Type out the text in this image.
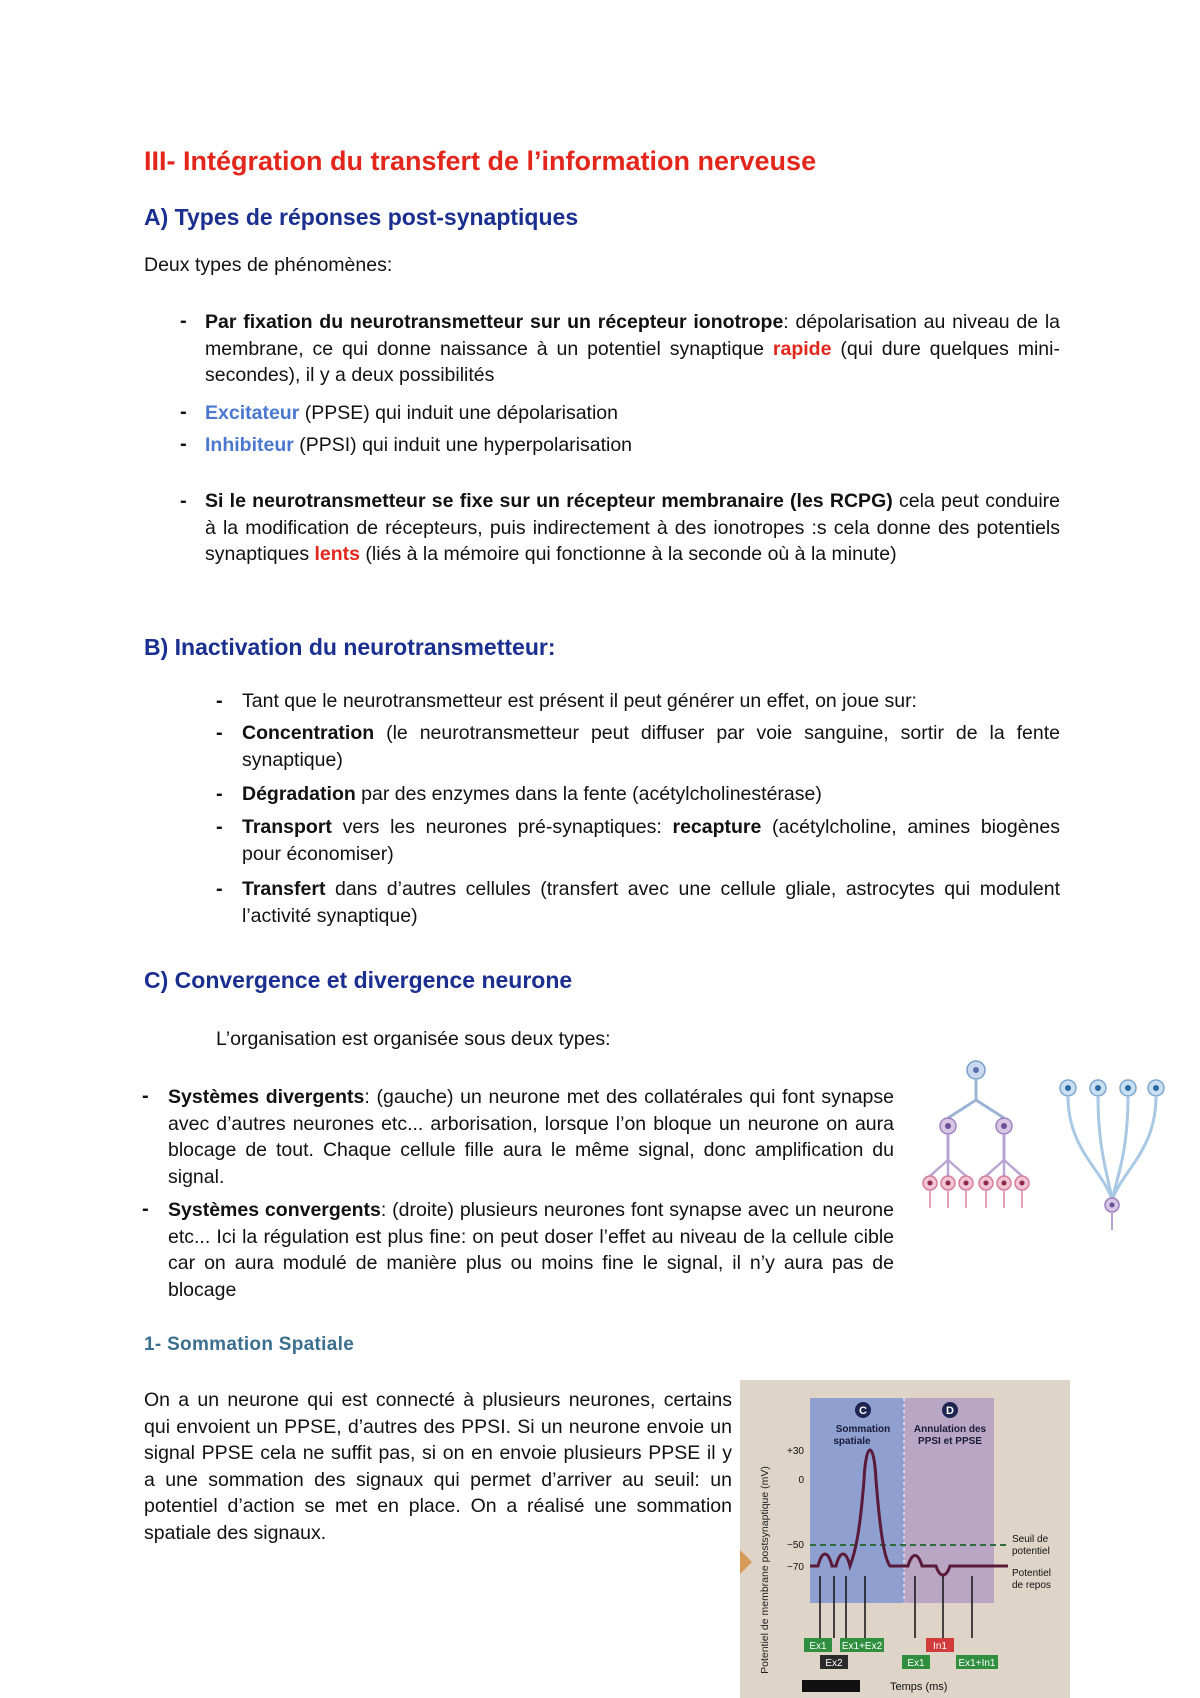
III- Intégration du transfert de l’information nerveuse
A) Types de réponses post-synaptiques
Deux types de phénomènes:
- Par fixation du neurotransmetteur sur un récepteur ionotrope: dépolarisation au niveau de la membrane, ce qui donne naissance à un potentiel synaptique rapide (qui dure quelques mini-secondes), il y a deux possibilités
- Excitateur (PPSE) qui induit une dépolarisation
- Inhibiteur (PPSI) qui induit une hyperpolarisation
- Si le neurotransmetteur se fixe sur un récepteur membranaire (les RCPG) cela peut conduire à la modification de récepteurs, puis indirectement à des ionotropes :s cela donne des potentiels synaptiques lents (liés à la mémoire qui fonctionne à la seconde où à la minute)
B) Inactivation du neurotransmetteur:
- Tant que le neurotransmetteur est présent il peut générer un effet, on joue sur:
- Concentration (le neurotransmetteur peut diffuser par voie sanguine, sortir de la fente synaptique)
- Dégradation par des enzymes dans la fente (acétylcholinestérase)
- Transport vers les neurones pré-synaptiques: recapture (acétylcholine, amines biogènes pour économiser)
- Transfert dans d’autres cellules (transfert avec une cellule gliale, astrocytes qui modulent l’activité synaptique)
C) Convergence et divergence neurone
L’organisation est organisée sous deux types:
- Systèmes divergents: (gauche) un neurone met des collatérales qui font synapse avec d’autres neurones etc... arborisation, lorsque l’on bloque un neurone on aura blocage de tout. Chaque cellule fille aura le même signal, donc amplification du signal.
- Systèmes convergents: (droite) plusieurs neurones font synapse avec un neurone etc... Ici la régulation est plus fine: on peut doser l’effet au niveau de la cellule cible car on aura modulé de manière plus ou moins fine le signal, il n’y aura pas de blocage
1- Sommation Spatiale
On a un neurone qui est connecté à plusieurs neurones, certains qui envoient un PPSE, d’autres des PPSI. Si un neurone envoie un signal PPSE cela ne suffit pas, si on en envoie plusieurs PPSE il y a une sommation des signaux qui permet d’arriver au seuil: un potentiel d’action se met en place. On a réalisé une sommation spatiale des signaux.	Potentiel de membrane postsynaptique (mV)
C
Sommation
spatiale
D
Annulation des
PPSI et PPSE
+30
0
−50
−70
Seuil de
potentiel
Potentiel
de repos
Ex1 Ex1+Ex2	In1
Ex2	Ex1	Ex1+In1
Temps (ms)
